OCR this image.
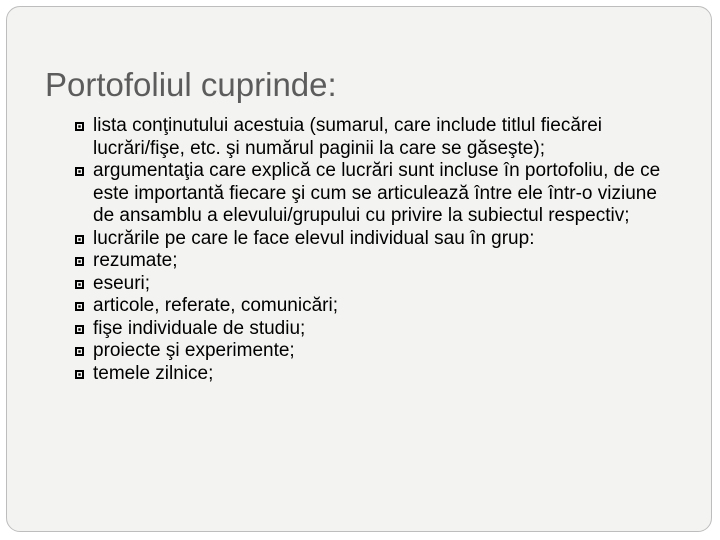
Portofoliul cuprinde:
lista conţinutului acestuia (sumarul, care include titlul fiecărei lucrări/fişe, etc. şi numărul paginii la care se găseşte);
argumentaţia care explică ce lucrări sunt incluse în portofoliu, de ce este importantă fiecare şi cum se articulează între ele într-o viziune de ansamblu a elevului/grupului cu privire la subiectul respectiv;
lucrările pe care le face elevul individual sau în grup:
rezumate;
eseuri;
articole, referate, comunicări;
fişe individuale de studiu;
proiecte şi experimente;
temele zilnice;
